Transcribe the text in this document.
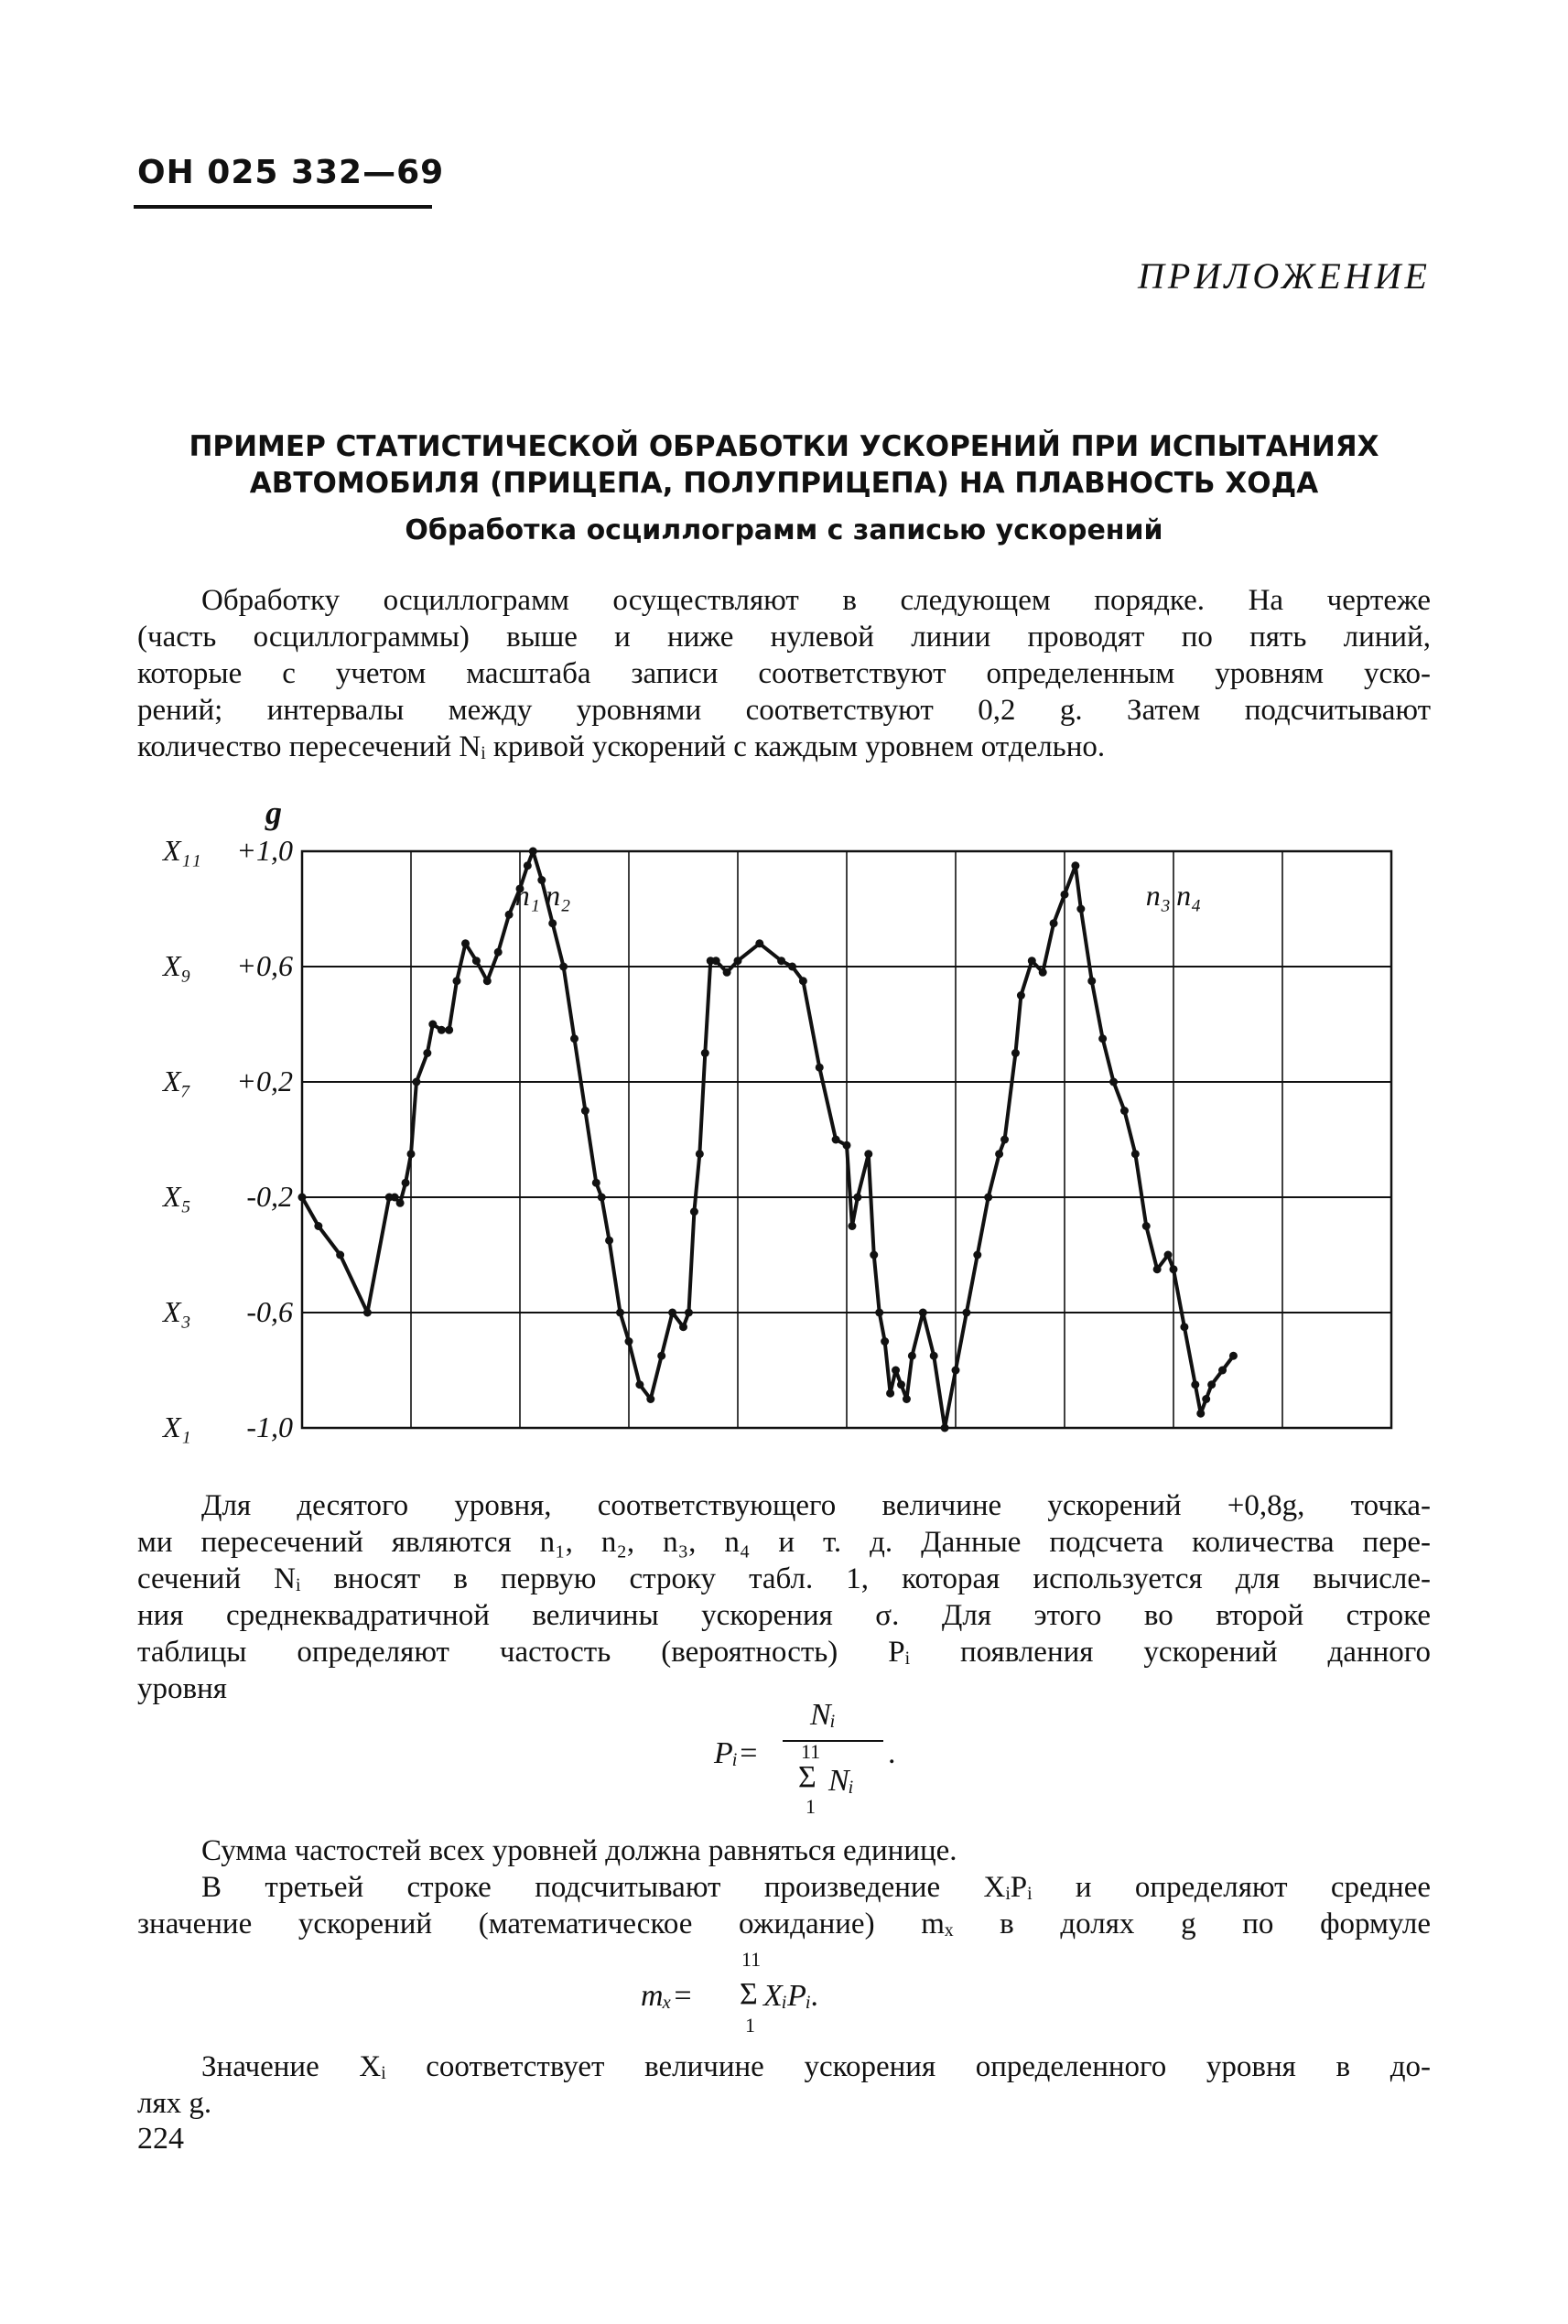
ОН 025 332—69
ПРИЛОЖЕНИЕ
ПРИМЕР СТАТИСТИЧЕСКОЙ ОБРАБОТКИ УСКОРЕНИЙ ПРИ ИСПЫТАНИЯХ
АВТОМОБИЛЯ (ПРИЦЕПА, ПОЛУПРИЦЕПА) НА ПЛАВНОСТЬ ХОДА
Обработка осциллограмм с записью ускорений
Обработку осциллограмм осуществляют в следующем порядке. На чертеже
(часть осциллограммы) выше и ниже нулевой линии проводят по пять линий,
которые с учетом масштаба записи соответствуют определенным уровням уско-
рений; интервалы между уровнями соответствуют 0,2 g. Затем подсчитывают
количество пересечений Nᵢ кривой ускорений с каждым уровнем отдельно.
X₁₁ +1,0
X₉ +0,6
X₇ +0,2
X₅ -0,2
X₃ -0,6
X₁ -1,0
g
n₁ n₂	n₃ n₄
Для десятого уровня, соответствующего величине ускорений +0,8g, точка-
ми пересечений являются n₁, n₂, n₃, n₄ и т. д. Данные подсчета количества пере-
сечений Nᵢ вносят в первую строку табл. 1, которая используется для вычисле-
ния среднеквадратичной величины ускорения σ. Для этого во второй строке
таблицы определяют частость (вероятность) Pᵢ появления ускорений данного
уровня
Pᵢ=
Nᵢ
11
Σ Nᵢ
1
.
Сумма частостей всех уровней должна равняться единице.
В третьей строке подсчитывают произведение XᵢPᵢ и определяют среднее
значение ускорений (математическое ожидание) mₓ в долях g по формуле
11
mₓ= Σ XᵢPᵢ.
1
Значение Xᵢ соответствует величине ускорения определенного уровня в до-
лях g.
224
